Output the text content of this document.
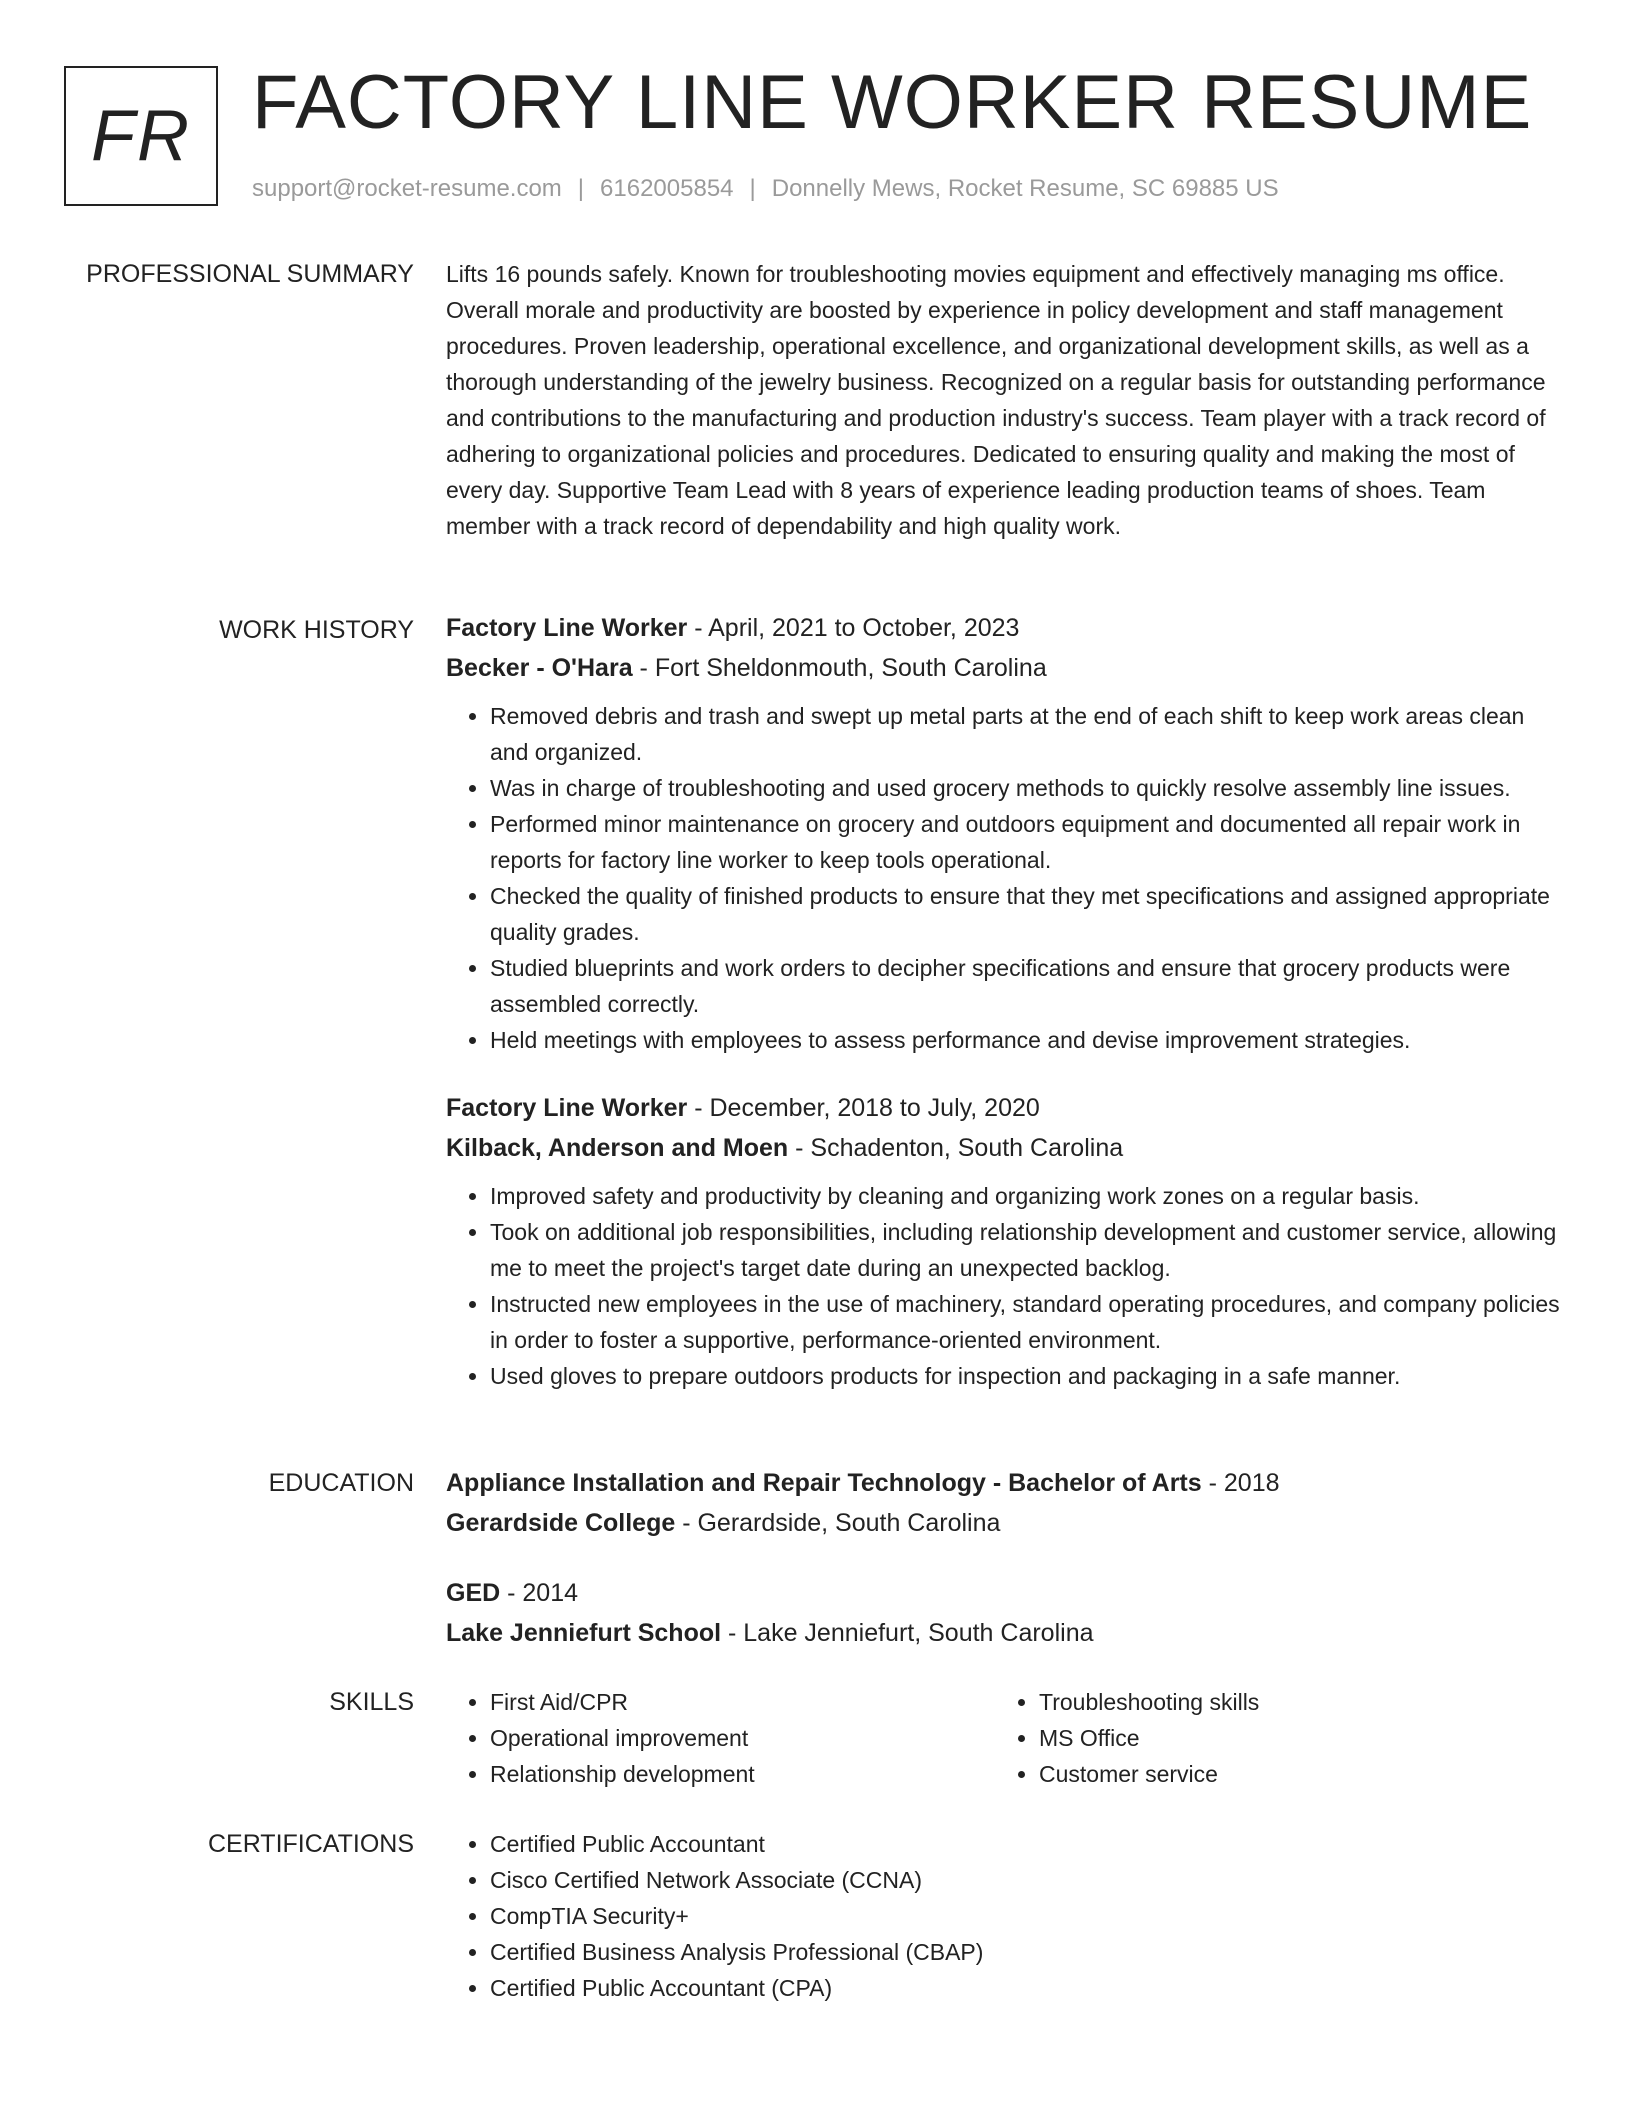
FR FACTORY LINE WORKER RESUME
support@rocket-resume.com | 6162005854 | Donnelly Mews, Rocket Resume, SC 69885 US
PROFESSIONAL SUMMARY Lifts 16 pounds safely. Known for troubleshooting movies equipment and effectively managing ms office. Overall morale and productivity are boosted by experience in policy development and staff management procedures. Proven leadership, operational excellence, and organizational development skills, as well as a thorough understanding of the jewelry business. Recognized on a regular basis for outstanding performance and contributions to the manufacturing and production industry's success. Team player with a track record of adhering to organizational policies and procedures. Dedicated to ensuring quality and making the most of every day. Supportive Team Lead with 8 years of experience leading production teams of shoes. Team member with a track record of dependability and high quality work.

WORK HISTORY Factory Line Worker - April, 2021 to October, 2023
Becker - O'Hara - Fort Sheldonmouth, South Carolina
• Removed debris and trash and swept up metal parts at the end of each shift to keep work areas clean and organized.
• Was in charge of troubleshooting and used grocery methods to quickly resolve assembly line issues.
• Performed minor maintenance on grocery and outdoors equipment and documented all repair work in reports for factory line worker to keep tools operational.
• Checked the quality of finished products to ensure that they met specifications and assigned appropriate quality grades.
• Studied blueprints and work orders to decipher specifications and ensure that grocery products were assembled correctly.
• Held meetings with employees to assess performance and devise improvement strategies.
Factory Line Worker - December, 2018 to July, 2020
Kilback, Anderson and Moen - Schadenton, South Carolina
• Improved safety and productivity by cleaning and organizing work zones on a regular basis.
• Took on additional job responsibilities, including relationship development and customer service, allowing me to meet the project's target date during an unexpected backlog.
• Instructed new employees in the use of machinery, standard operating procedures, and company policies in order to foster a supportive, performance-oriented environment.
• Used gloves to prepare outdoors products for inspection and packaging in a safe manner.
EDUCATION Appliance Installation and Repair Technology - Bachelor of Arts - 2018
Gerardside College - Gerardside, South Carolina
GED - 2014
Lake Jenniefurt School - Lake Jenniefurt, South Carolina
SKILLS	• First Aid/CPR
• Operational improvement
• Relationship development
• Troubleshooting skills
• MS Office
• Customer service
CERTIFICATIONS	• Certified Public Accountant
• Cisco Certified Network Associate (CCNA)
• CompTIA Security+
• Certified Business Analysis Professional (CBAP)
• Certified Public Accountant (CPA)
